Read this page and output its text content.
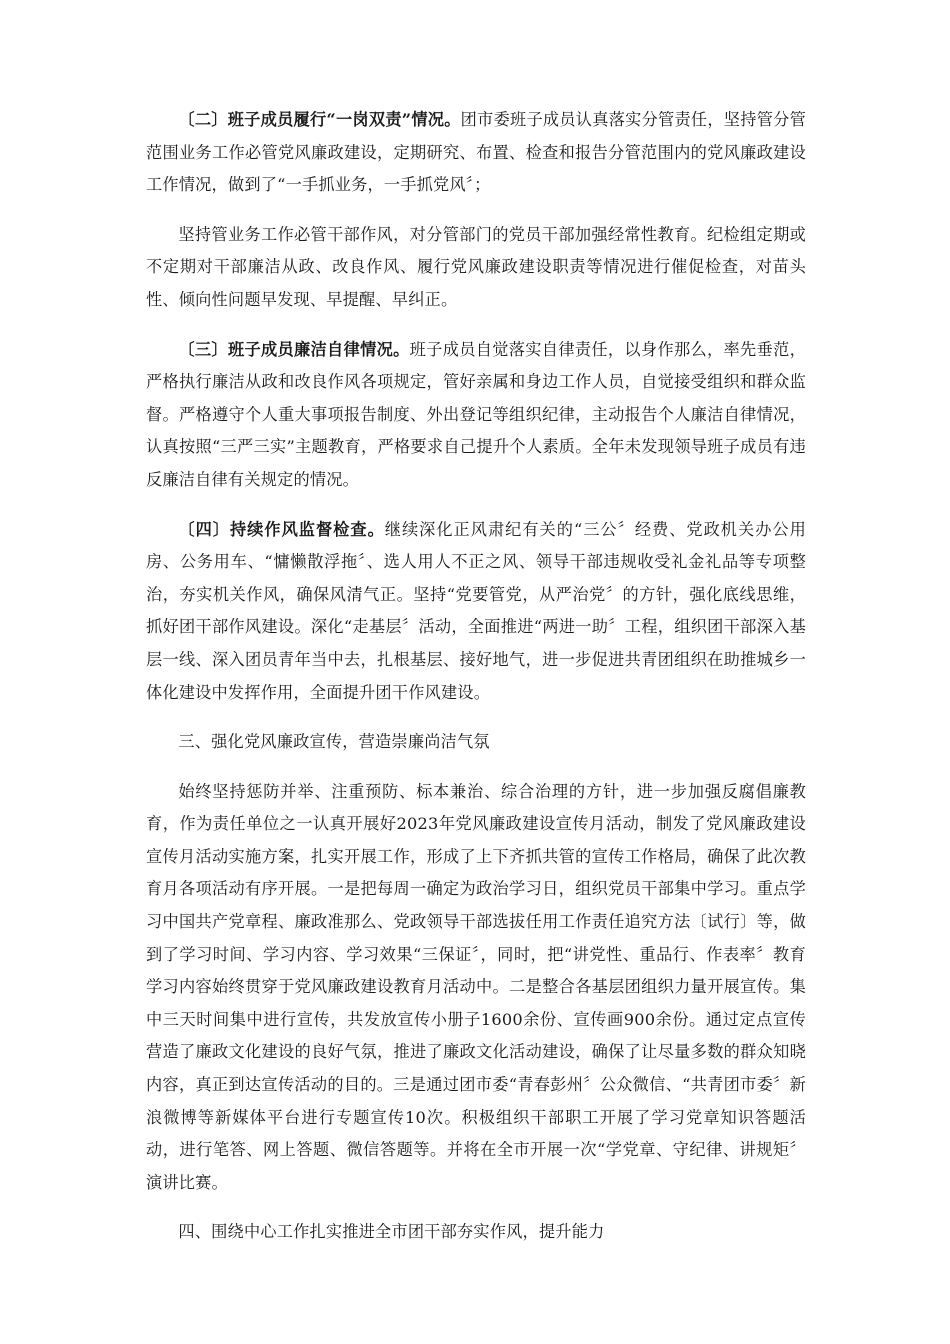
〔二〕班子成员履行“一岗双责”情况。团市委班子成员认真落实分管责任，坚持管分管范围业务工作必管党风廉政建设，定期研究、布置、检查和报告分管范围内的党风廉政建设工作情况，做到了“一手抓业务，一手抓党风〞；

坚持管业务工作必管干部作风，对分管部门的党员干部加强经常性教育。纪检组定期或不定期对干部廉洁从政、改良作风、履行党风廉政建设职责等情况进行催促检查，对苗头性、倾向性问题早发现、早提醒、早纠正。

〔三〕班子成员廉洁自律情况。班子成员自觉落实自律责任，以身作那么，率先垂范，严格执行廉洁从政和改良作风各项规定，管好亲属和身边工作人员，自觉接受组织和群众监督。严格遵守个人重大事项报告制度、外出登记等组织纪律，主动报告个人廉洁自律情况，认真按照“三严三实”主题教育，严格要求自己提升个人素质。全年未发现领导班子成员有违反廉洁自律有关规定的情况。

〔四〕持续作风监督检查。继续深化正风肃纪有关的“三公〞经费、党政机关办公用房、公务用车、“慵懒散浮拖〞、选人用人不正之风、领导干部违规收受礼金礼品等专项整治，夯实机关作风，确保风清气正。坚持“党要管党，从严治党〞的方针，强化底线思维，抓好团干部作风建设。深化“走基层〞活动，全面推进“两进一助〞工程，组织团干部深入基层一线、深入团员青年当中去，扎根基层、接好地气，进一步促进共青团组织在助推城乡一体化建设中发挥作用，全面提升团干作风建设。

三、强化党风廉政宣传，营造崇廉尚洁气氛

始终坚持惩防并举、注重预防、标本兼治、综合治理的方针，进一步加强反腐倡廉教育，作为责任单位之一认真开展好2023年党风廉政建设宣传月活动，制发了党风廉政建设宣传月活动实施方案，扎实开展工作，形成了上下齐抓共管的宣传工作格局，确保了此次教育月各项活动有序开展。一是把每周一确定为政治学习日，组织党员干部集中学习。重点学习中国共产党章程、廉政准那么、党政领导干部选拔任用工作责任追究方法〔试行〕等，做到了学习时间、学习内容、学习效果“三保证〞，同时，把“讲党性、重品行、作表率〞教育学习内容始终贯穿于党风廉政建设教育月活动中。二是整合各基层团组织力量开展宣传。集中三天时间集中进行宣传，共发放宣传小册子1600余份、宣传画900余份。通过定点宣传营造了廉政文化建设的良好气氛，推进了廉政文化活动建设，确保了让尽量多数的群众知晓内容，真正到达宣传活动的目的。三是通过团市委“青春彭州〞公众微信、“共青团市委〞新浪微博等新媒体平台进行专题宣传10次。积极组织干部职工开展了学习党章知识答题活动，进行笔答、网上答题、微信答题等。并将在全市开展一次“学党章、守纪律、讲规矩〞演讲比赛。

四、围绕中心工作扎实推进全市团干部夯实作风，提升能力
